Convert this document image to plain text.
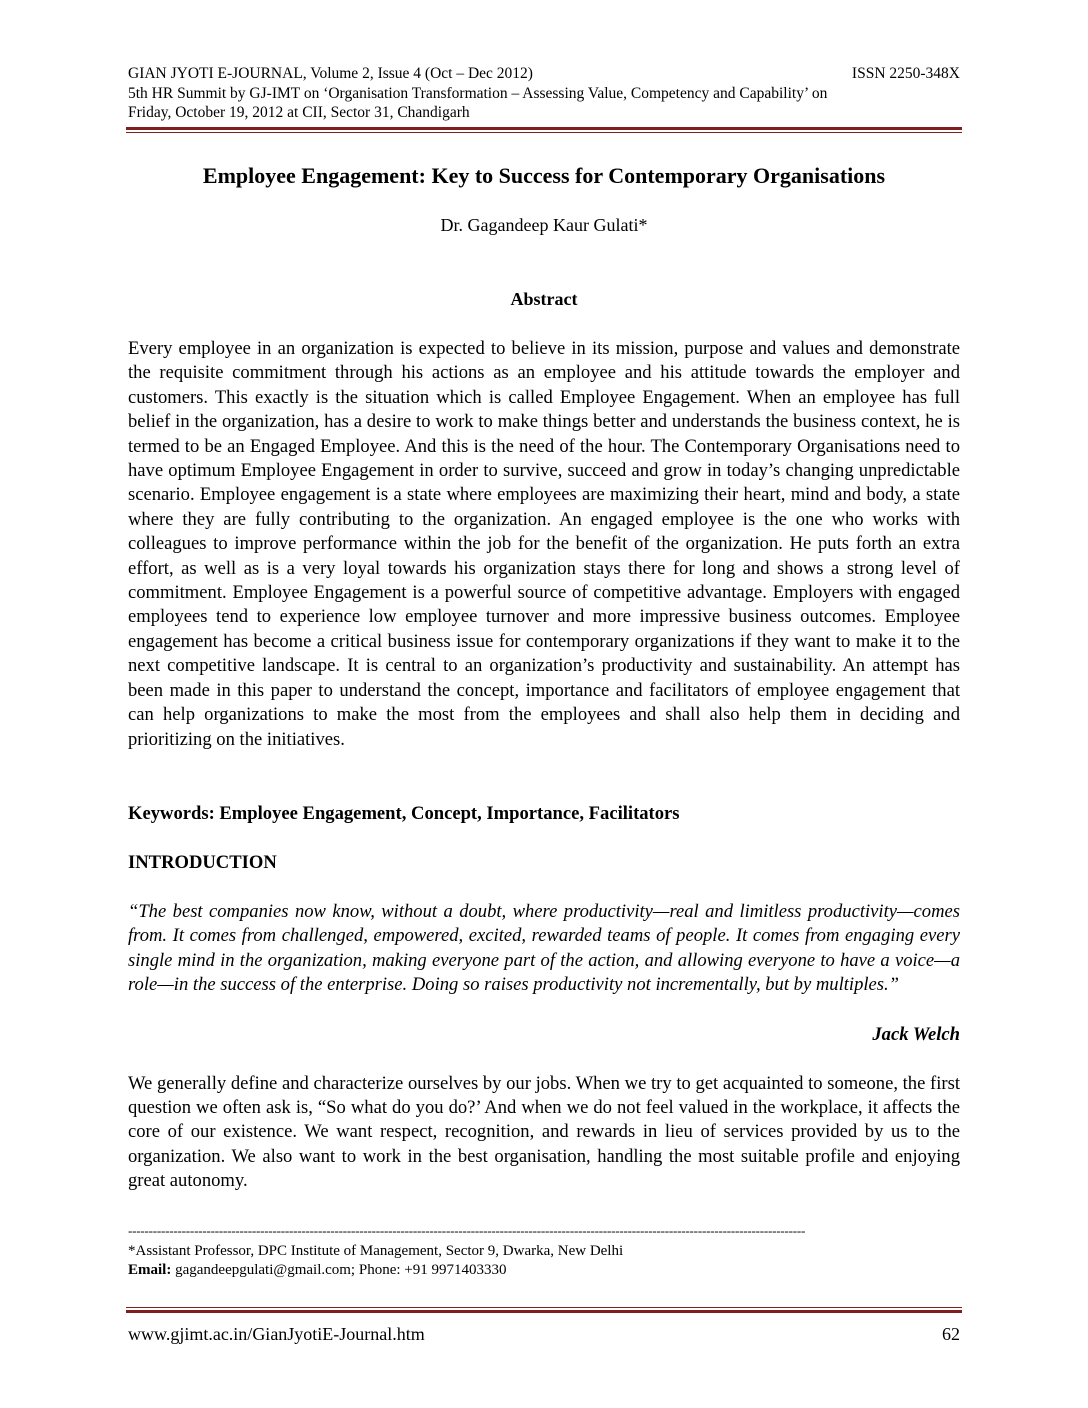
GIAN JYOTI E-JOURNAL, Volume 2, Issue 4 (Oct – Dec 2012)	ISSN 2250-348X
5th HR Summit by GJ-IMT on ‘Organisation Transformation – Assessing Value, Competency and Capability’ on
Friday, October 19, 2012 at CII, Sector 31, Chandigarh
Employee Engagement: Key to Success for Contemporary Organisations
Dr. Gagandeep Kaur Gulati*
Abstract

Every employee in an organization is expected to believe in its mission, purpose and values and demonstrate the requisite commitment through his actions as an employee and his attitude towards the employer and customers. This exactly is the situation which is called Employee Engagement. When an employee has full belief in the organization, has a desire to work to make things better and understands the business context, he is termed to be an Engaged Employee. And this is the need of the hour. The Contemporary Organisations need to have optimum Employee Engagement in order to survive, succeed and grow in today’s changing unpredictable scenario. Employee engagement is a state where employees are maximizing their heart, mind and body, a state where they are fully contributing to the organization. An engaged employee is the one who works with colleagues to improve performance within the job for the benefit of the organization. He puts forth an extra effort, as well as is a very loyal towards his organization stays there for long and shows a strong level of commitment. Employee Engagement is a powerful source of competitive advantage. Employers with engaged employees tend to experience low employee turnover and more impressive business outcomes. Employee engagement has become a critical business issue for contemporary organizations if they want to make it to the next competitive landscape. It is central to an organization’s productivity and sustainability. An attempt has been made in this paper to understand the concept, importance and facilitators of employee engagement that can help organizations to make the most from the employees and shall also help them in deciding and prioritizing on the initiatives.

Keywords: Employee Engagement, Concept, Importance, Facilitators

INTRODUCTION

“The best companies now know, without a doubt, where productivity—real and limitless productivity—comes from. It comes from challenged, empowered, excited, rewarded teams of people. It comes from engaging every single mind in the organization, making everyone part of the action, and allowing everyone to have a voice—a role—in the success of the enterprise. Doing so raises productivity not incrementally, but by multiples.”

Jack Welch

We generally define and characterize ourselves by our jobs. When we try to get acquainted to someone, the first question we often ask is, “So what do you do?’ And when we do not feel valued in the workplace, it affects the core of our existence. We want respect, recognition, and rewards in lieu of services provided by us to the organization. We also want to work in the best organisation, handling the most suitable profile and enjoying great autonomy.

--------------------------------------------------------------------------------------------------------------------------------------------------------------------
*Assistant Professor, DPC Institute of Management, Sector 9, Dwarka, New Delhi
Email: gagandeepgulati@gmail.com; Phone: +91 9971403330
www.gjimt.ac.in/GianJyotiE-Journal.htm	62
